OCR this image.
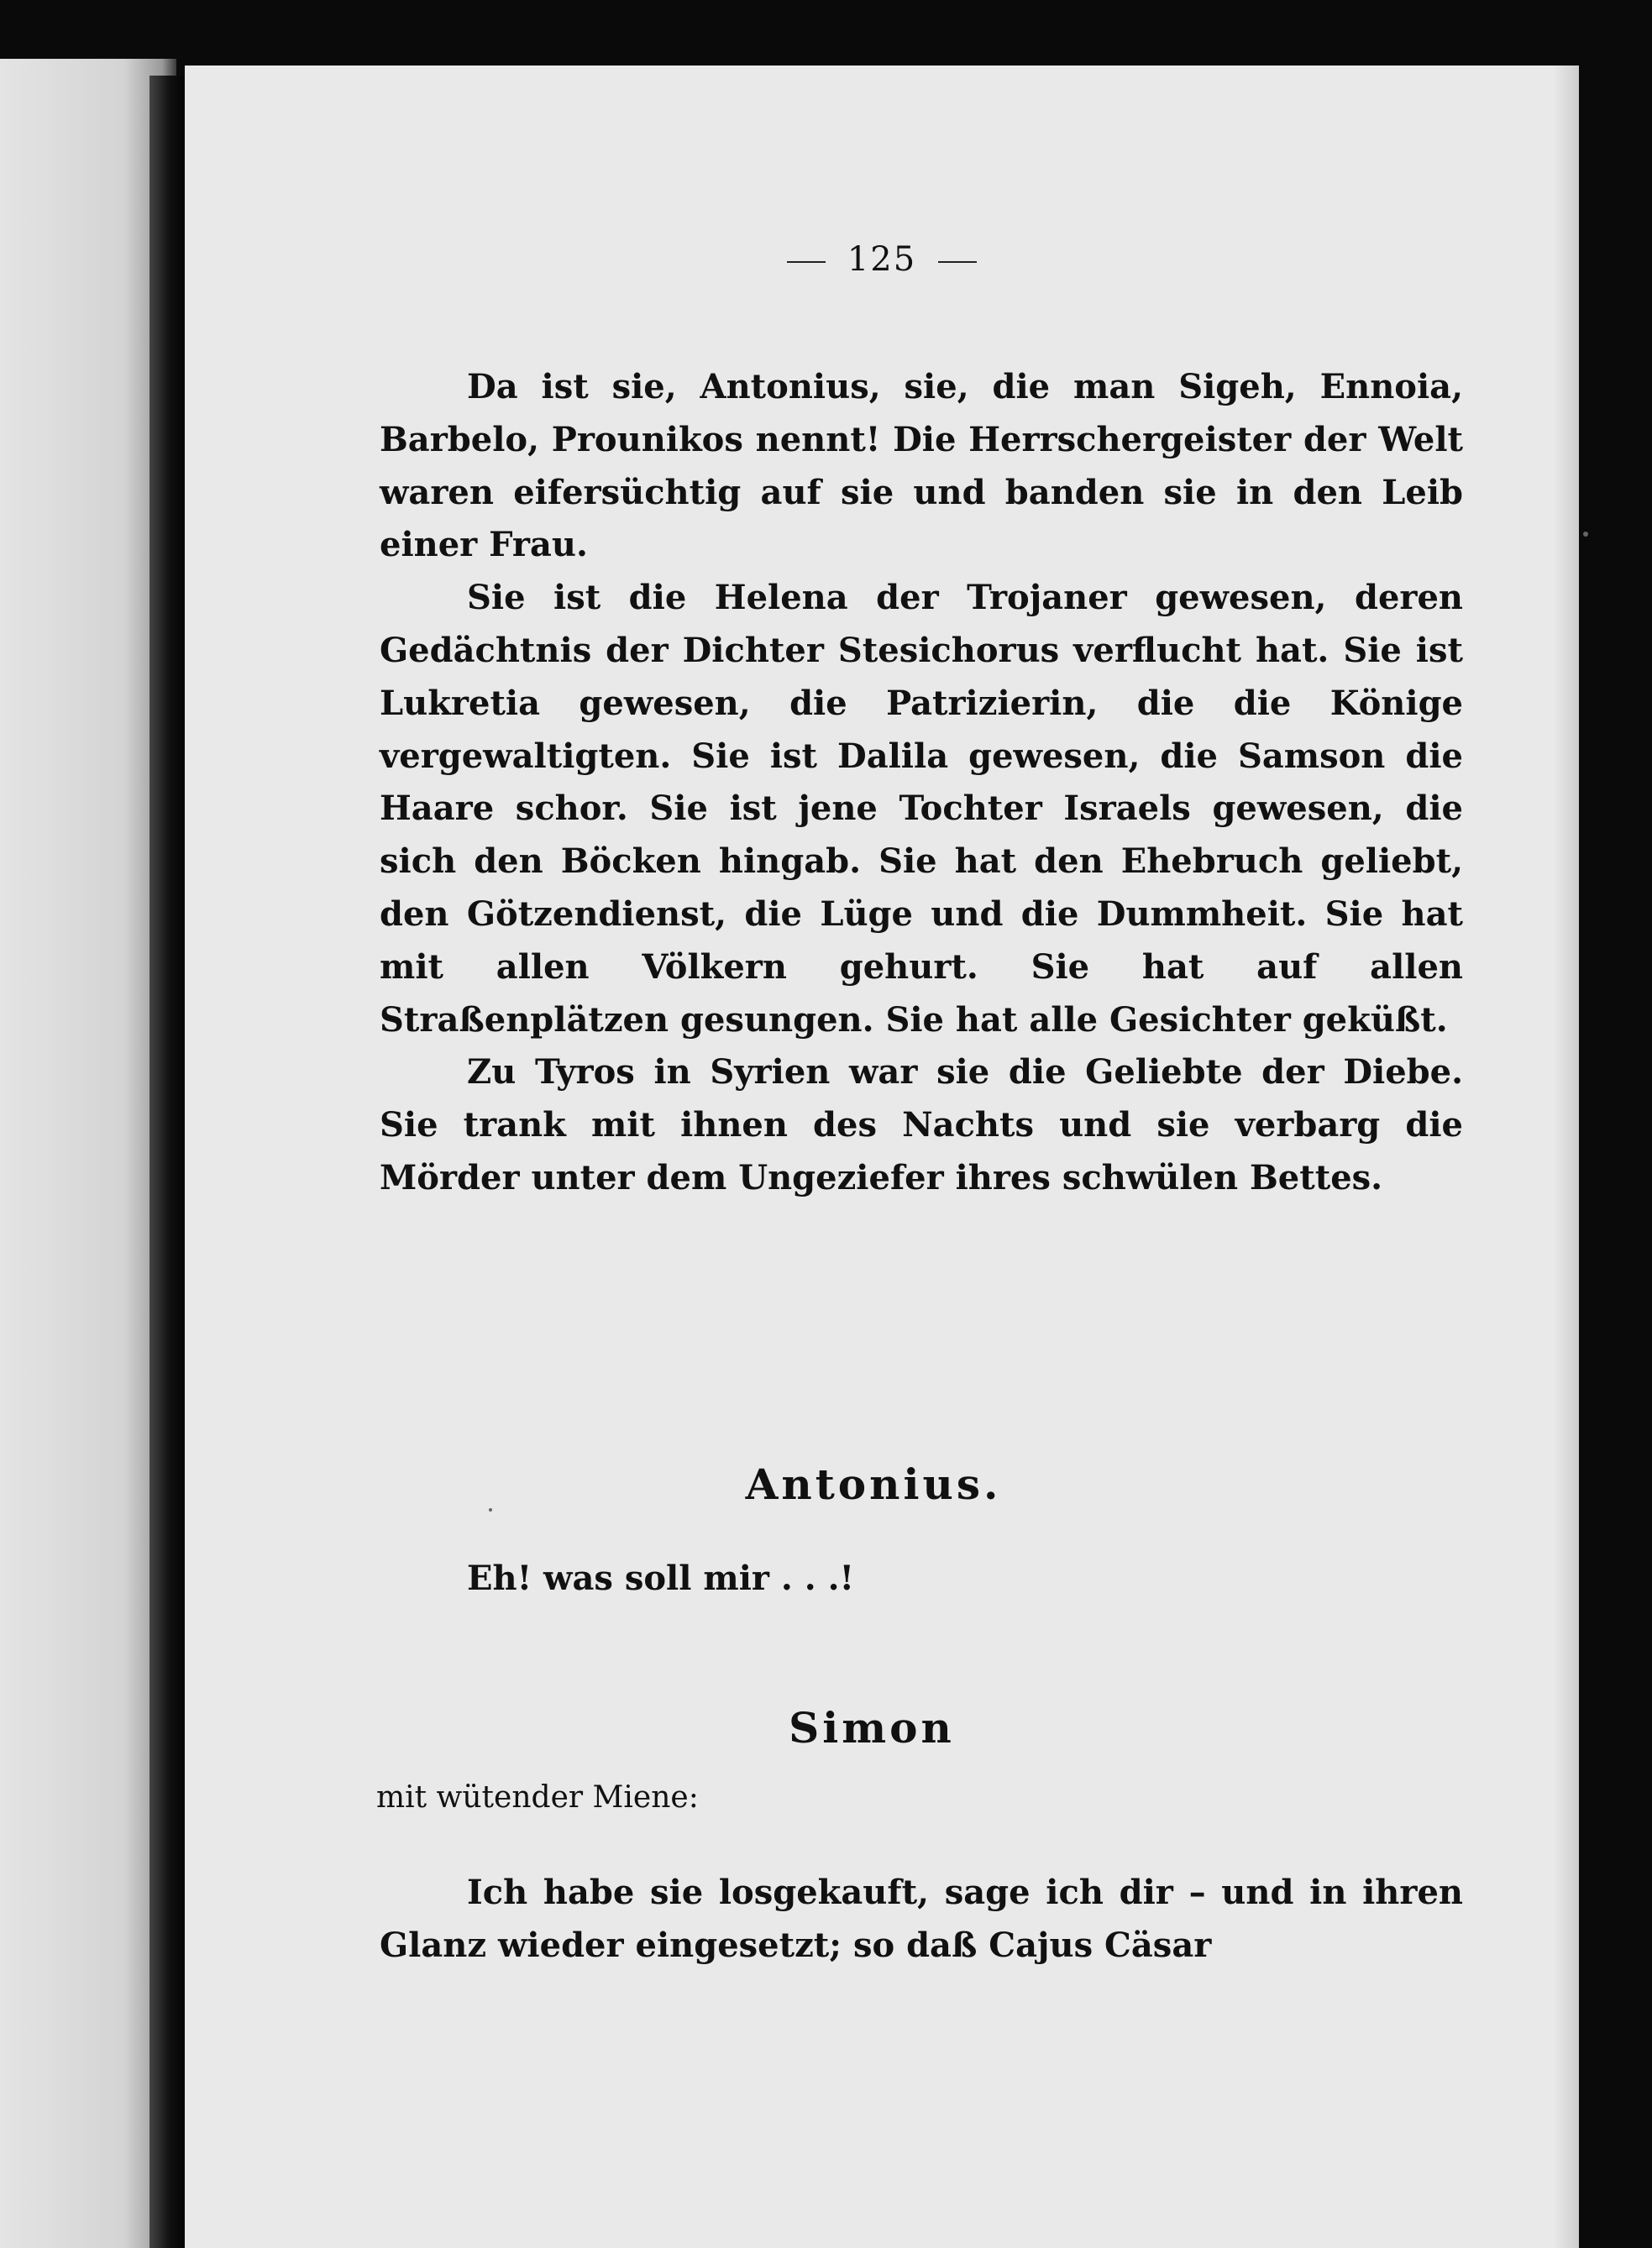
125

Da ist sie, Antonius, sie, die man Sigeh, Ennoia, Barbelo, Prounikos nennt! Die Herrschergeister der Welt waren eifersüchtig auf sie und banden sie in den Leib einer Frau.

Sie ist die Helena der Trojaner gewesen, deren Gedächtnis der Dichter Stesichorus verflucht hat. Sie ist Lukretia gewesen, die Patrizierin, die die Könige vergewaltigten. Sie ist Dalila gewesen, die Samson die Haare schor. Sie ist jene Tochter Israels gewesen, die sich den Böcken hingab. Sie hat den Ehebruch geliebt, den Götzendienst, die Lüge und die Dummheit. Sie hat mit allen Völkern gehurt. Sie hat auf allen Straßenplätzen gesungen. Sie hat alle Gesichter geküßt.

Zu Tyros in Syrien war sie die Geliebte der Diebe. Sie trank mit ihnen des Nachts und sie verbarg die Mörder unter dem Ungeziefer ihres schwülen Bettes.

Antonius.

Eh! was soll mir . . .!

Simon

mit wütender Miene:

Ich habe sie losgekauft, sage ich dir – und in ihren Glanz wieder eingesetzt; so daß Cajus Cäsar
